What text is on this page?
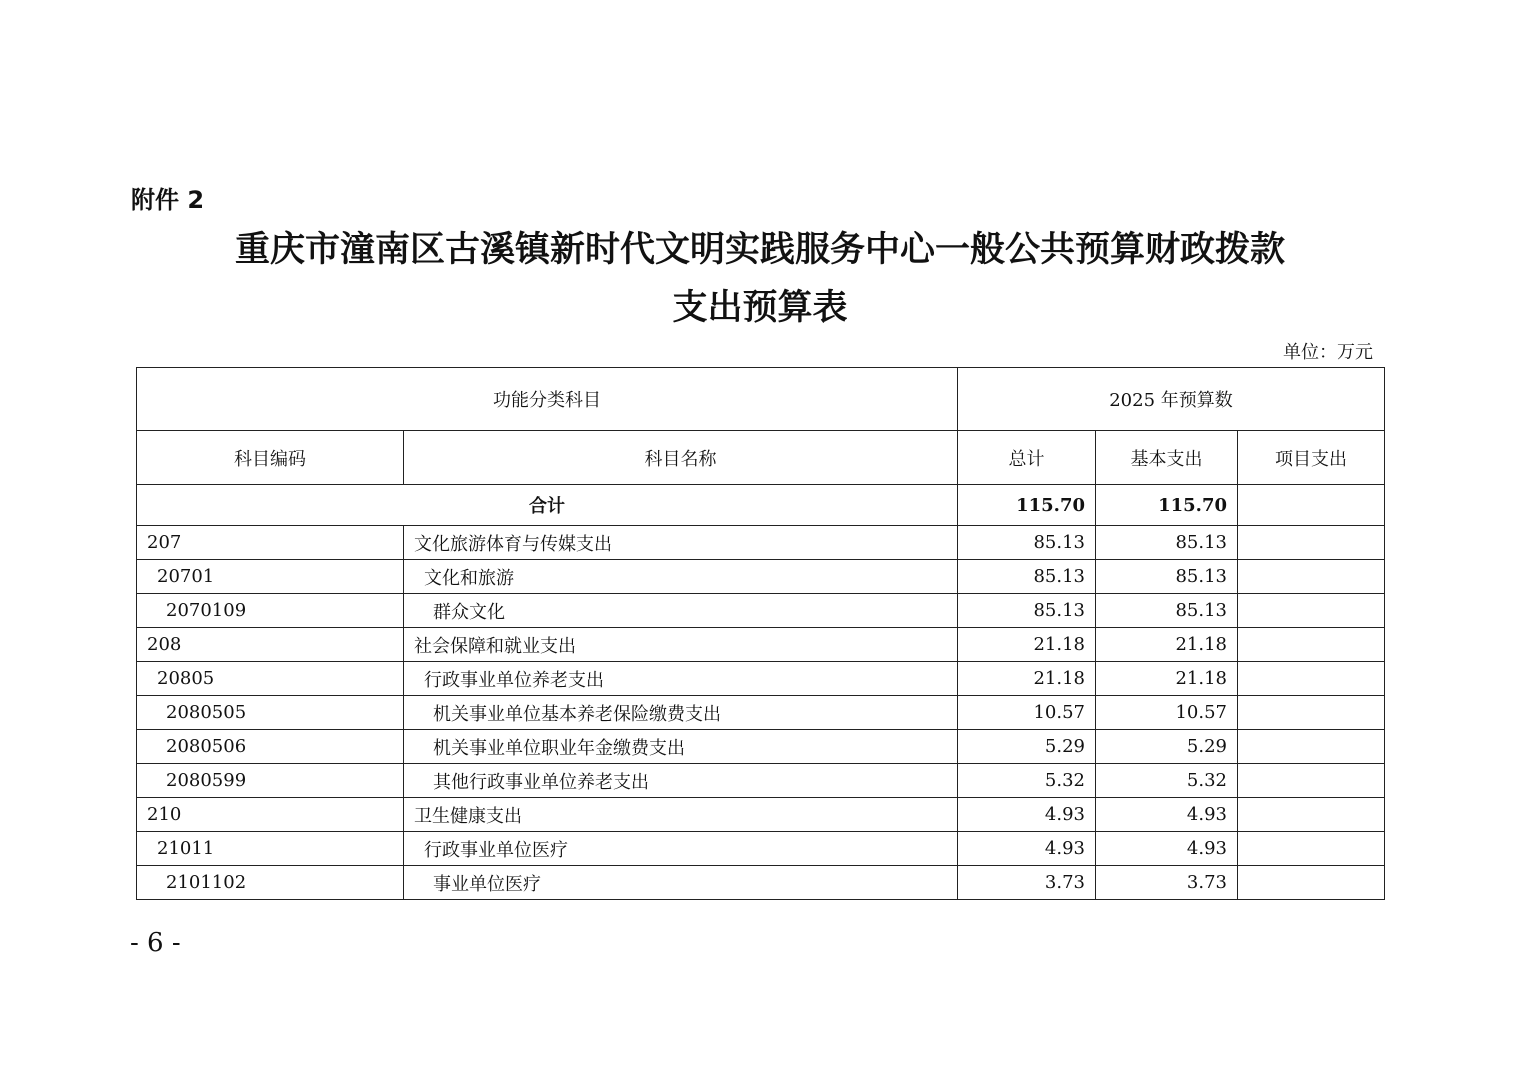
附件 2
重庆市潼南区古溪镇新时代文明实践服务中心一般公共预算财政拨款
支出预算表
单位：万元
功能分类科目		2025 年预算数		
科目编码	科目名称	总计	基本支出	项目支出
合计		115.70	115.70	
207	文化旅游体育与传媒支出	85.13	85.13	
20701	文化和旅游	85.13	85.13	
2070109	群众文化	85.13	85.13	
208	社会保障和就业支出	21.18	21.18	
20805	行政事业单位养老支出	21.18	21.18	
2080505	机关事业单位基本养老保险缴费支出	10.57	10.57	
2080506	机关事业单位职业年金缴费支出	5.29	5.29	
2080599	其他行政事业单位养老支出	5.32	5.32	
210	卫生健康支出	4.93	4.93	
21011	行政事业单位医疗	4.93	4.93	
2101102	事业单位医疗	3.73	3.73	
- 6 -
